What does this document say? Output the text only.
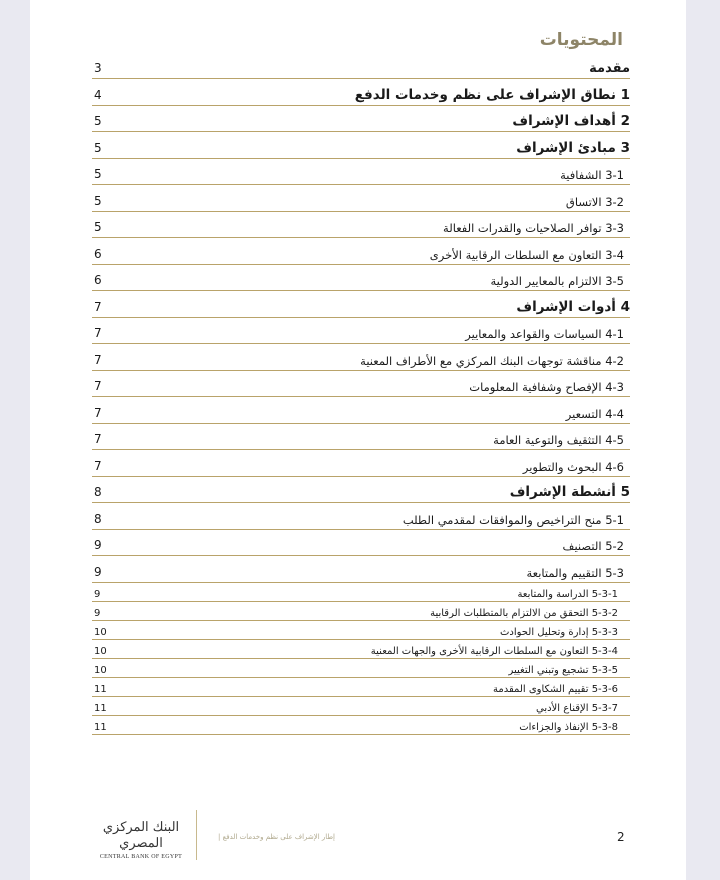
المحتويات
مقدمة
3
1 نطاق الإشراف على نظم وخدمات الدفع
4
2 أهداف الإشراف
5
3 مبادئ الإشراف
5
3-1 الشفافية
5
3-2 الاتساق
5
3-3 توافر الصلاحيات والقدرات الفعالة
5
3-4 التعاون مع السلطات الرقابية الأخرى
6
3-5 الالتزام بالمعايير الدولية
6
4 أدوات الإشراف
7
4-1 السياسات والقواعد والمعايير
7
4-2 مناقشة توجهات البنك المركزي مع الأطراف المعنية
7
4-3 الإفصاح وشفافية المعلومات
7
4-4 التسعير
7
4-5 التثقيف والتوعية العامة
7
4-6 البحوث والتطوير
7
5 أنشطة الإشراف
8
5-1 منح التراخيص والموافقات لمقدمي الطلب
8
5-2 التصنيف
9
5-3 التقييم والمتابعة
9
5-3-1 الدراسة والمتابعة
9
5-3-2 التحقق من الالتزام بالمتطلبات الرقابية
9
5-3-3 إدارة وتحليل الحوادث
10
5-3-4 التعاون مع السلطات الرقابية الأخرى والجهات المعنية
10
5-3-5 تشجيع وتبني التغيير
10
5-3-6 تقييم الشكاوى المقدمة
11
5-3-7 الإقناع الأدبي
11
5-3-8 الإنفاذ والجزاءات
11
البنك المركزي المصري
CENTRAL BANK OF EGYPT
إطار الإشراف على نظم وخدمات الدفع |	2
